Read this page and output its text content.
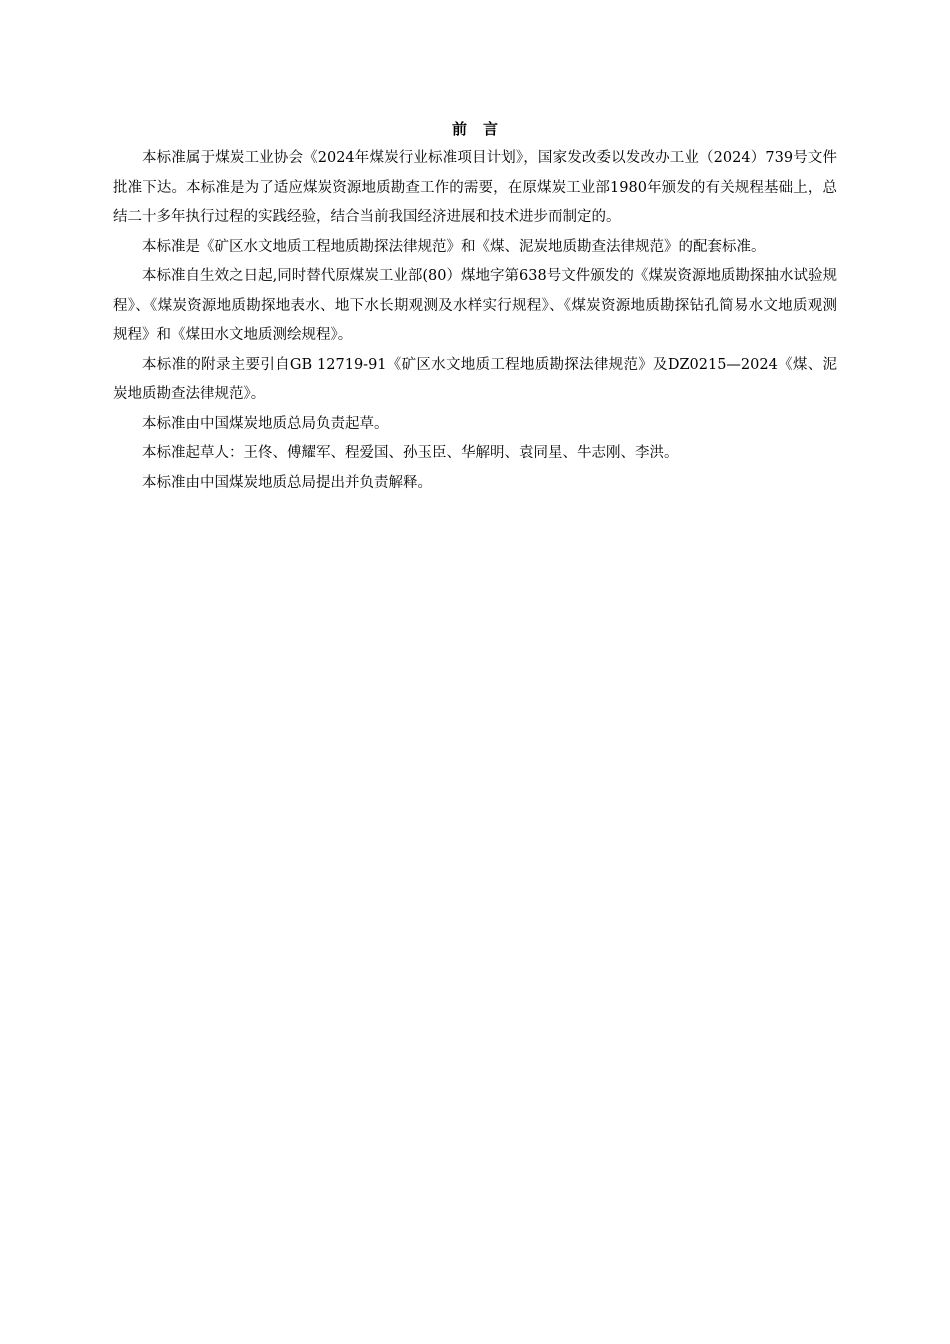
前 言

本标准属于煤炭工业协会《2024年煤炭行业标准项目计划》，国家发改委以发改办工业（2024）739号文件批准下达。本标准是为了适应煤炭资源地质勘查工作的需要，在原煤炭工业部1980年颁发的有关规程基础上，总结二十多年执行过程的实践经验，结合当前我国经济进展和技术进步而制定的。

本标准是《矿区水文地质工程地质勘探法律规范》和《煤、泥炭地质勘查法律规范》的配套标准。

本标准自生效之日起,同时替代原煤炭工业部(80）煤地字第638号文件颁发的《煤炭资源地质勘探抽水试验规程》、《煤炭资源地质勘探地表水、地下水长期观测及水样实行规程》、《煤炭资源地质勘探钻孔简易水文地质观测规程》和《煤田水文地质测绘规程》。

本标准的附录主要引自GB 12719-91《矿区水文地质工程地质勘探法律规范》及DZ0215—2024《煤、泥炭地质勘查法律规范》。

本标准由中国煤炭地质总局负责起草。

本标准起草人：王佟、傅耀军、程爱国、孙玉臣、华解明、袁同星、牛志刚、李洪。

本标准由中国煤炭地质总局提出并负责解释。
